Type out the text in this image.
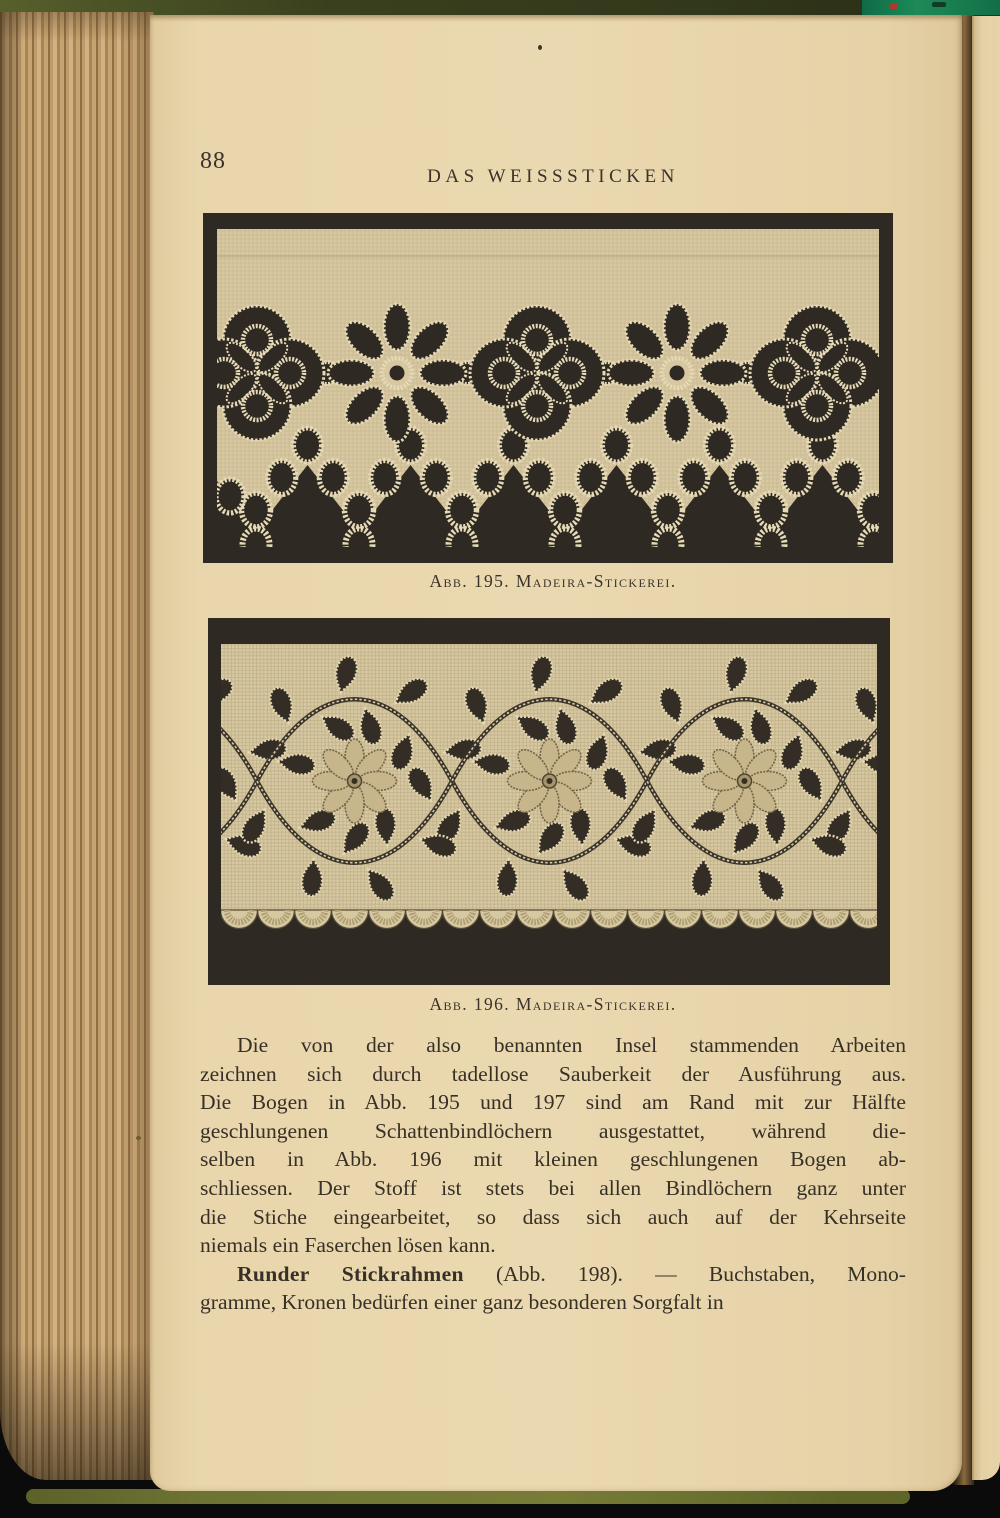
88
DAS WEISSSTICKEN
Abb. 195. Madeira-Stickerei.
Abb. 196. Madeira-Stickerei.
Die von der also benannten Insel stammenden Arbeiten
zeichnen sich durch tadellose Sauberkeit der Ausführung aus.
Die Bogen in Abb. 195 und 197 sind am Rand mit zur Hälfte
geschlungenen Schattenbindlöchern ausgestattet, während die-
selben in Abb. 196 mit kleinen geschlungenen Bogen ab-
schliessen. Der Stoff ist stets bei allen Bindlöchern ganz unter
die Stiche eingearbeitet, so dass sich auch auf der Kehrseite
niemals ein Faserchen lösen kann.
Runder Stickrahmen (Abb. 198). — Buchstaben, Mono-
gramme, Kronen bedürfen einer ganz besonderen Sorgfalt in
